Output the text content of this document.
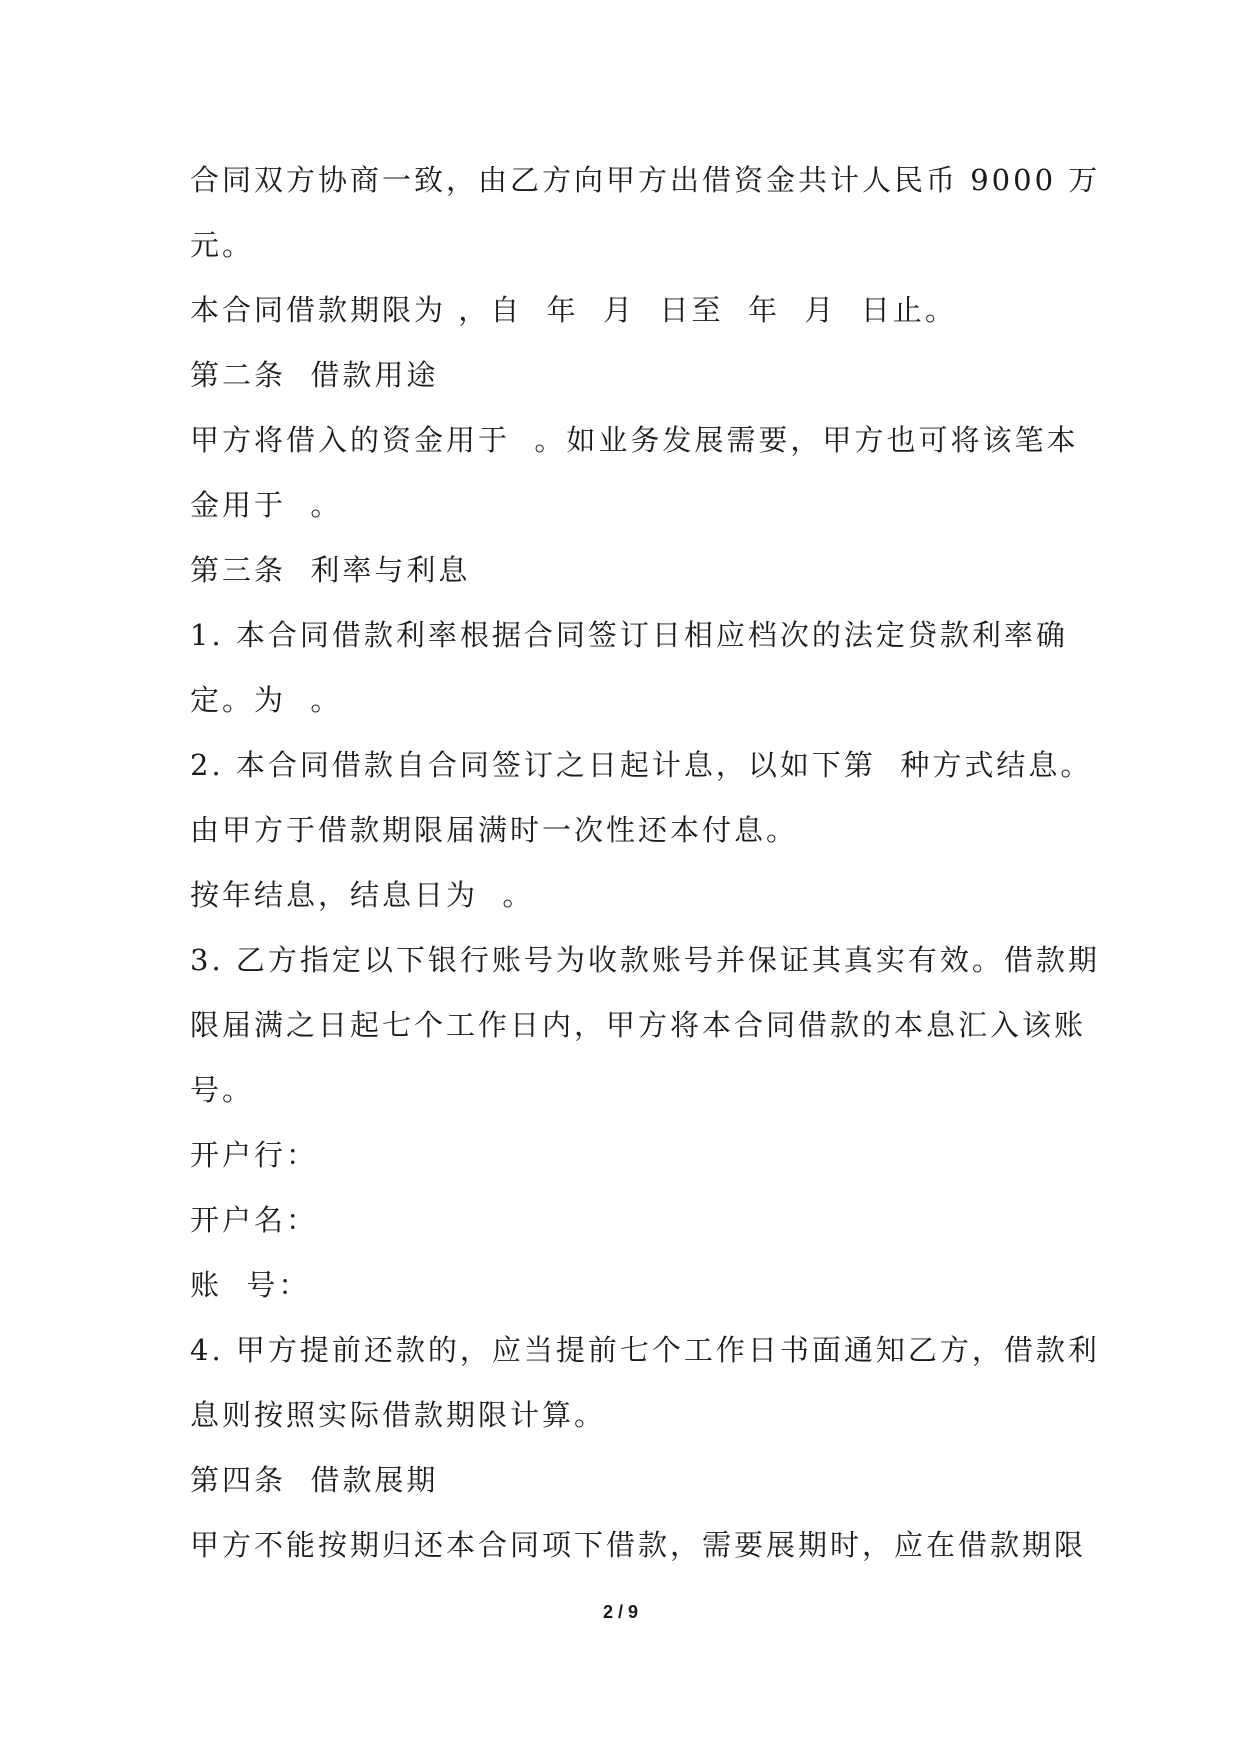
合同双方协商一致，由乙方向甲方出借资金共计人民币 9000 万

元。

本合同借款期限为 ，自  年  月  日至  年  月  日止。

第二条  借款用途

甲方将借入的资金用于  。如业务发展需要，甲方也可将该笔本

金用于  。

第三条  利率与利息

1. 本合同借款利率根据合同签订日相应档次的法定贷款利率确

定。为  。

2. 本合同借款自合同签订之日起计息，以如下第  种方式结息。

由甲方于借款期限届满时一次性还本付息。

按年结息，结息日为  。

3. 乙方指定以下银行账号为收款账号并保证其真实有效。借款期

限届满之日起七个工作日内，甲方将本合同借款的本息汇入该账

号。

开户行：

开户名：

账  号：

4. 甲方提前还款的，应当提前七个工作日书面通知乙方，借款利

息则按照实际借款期限计算。

第四条  借款展期

甲方不能按期归还本合同项下借款，需要展期时，应在借款期限

2 / 9
